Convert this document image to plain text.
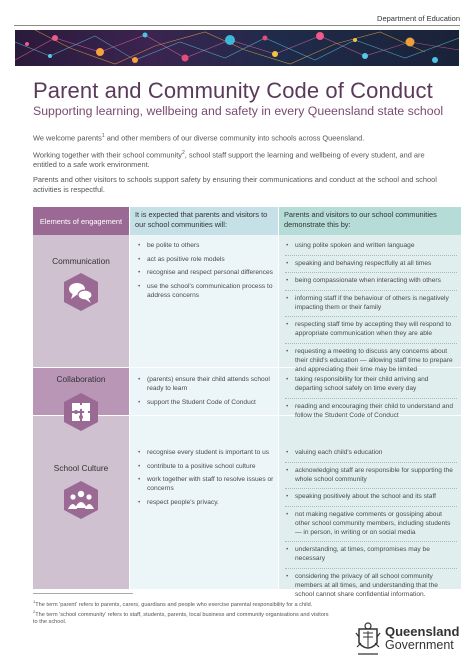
Department of Education
Parent and Community Code of Conduct
Supporting learning, wellbeing and safety in every Queensland state school

We welcome parents$^1$ and other members of our diverse community into schools across Queensland.

Working together with their school community$^2$, school staff support the learning and wellbeing of every student, and are entitled to a safe work environment.

Parents and other visitors to schools support safety by ensuring their communications and conduct at the school and school activities is respectful.

Elements of engagement
It is expected that parents and visitors to our school communities will:
Parents and visitors to our school communities demonstrate this by:
Communication
• be polite to others
• act as positive role models
• recognise and respect personal differences
• use the school's communication process to address concerns
• using polite spoken and written language
• speaking and behaving respectfully at all times
• being compassionate when interacting with others
• informing staff if the behaviour of others is negatively impacting them or their family
• respecting staff time by accepting they will respond to appropriate communication when they are able
• requesting a meeting to discuss any concerns about their child's education — allowing staff time to prepare and appreciating their time may be limited
Collaboration
•	(parents) ensure their child attends school ready to learn
• support the Student Code of Conduct
• taking responsibility for their child arriving and departing school safely on time every day
• reading and encouraging their child to understand and follow the Student Code of Conduct
School Culture
• recognise every student is important to us
• contribute to a positive school culture
• work together with staff to resolve issues or concerns
• respect people's privacy.
• valuing each child's education
• acknowledging staff are responsible for supporting the whole school community
• speaking positively about the school and its staff
• not making negative comments or gossiping about other school community members, including students — in person, in writing or on social media
• understanding, at times, compromises may be necessary
• considering the privacy of all school community members at all times, and understanding that the school cannot share confidential information.

$^1$The term 'parent' refers to parents, carers, guardians and people who exercise parental responsibility for a child.

$^2$The term 'school community' refers to staff, students, parents, local business and community organisations and visitors to the school.

Queensland
Government
